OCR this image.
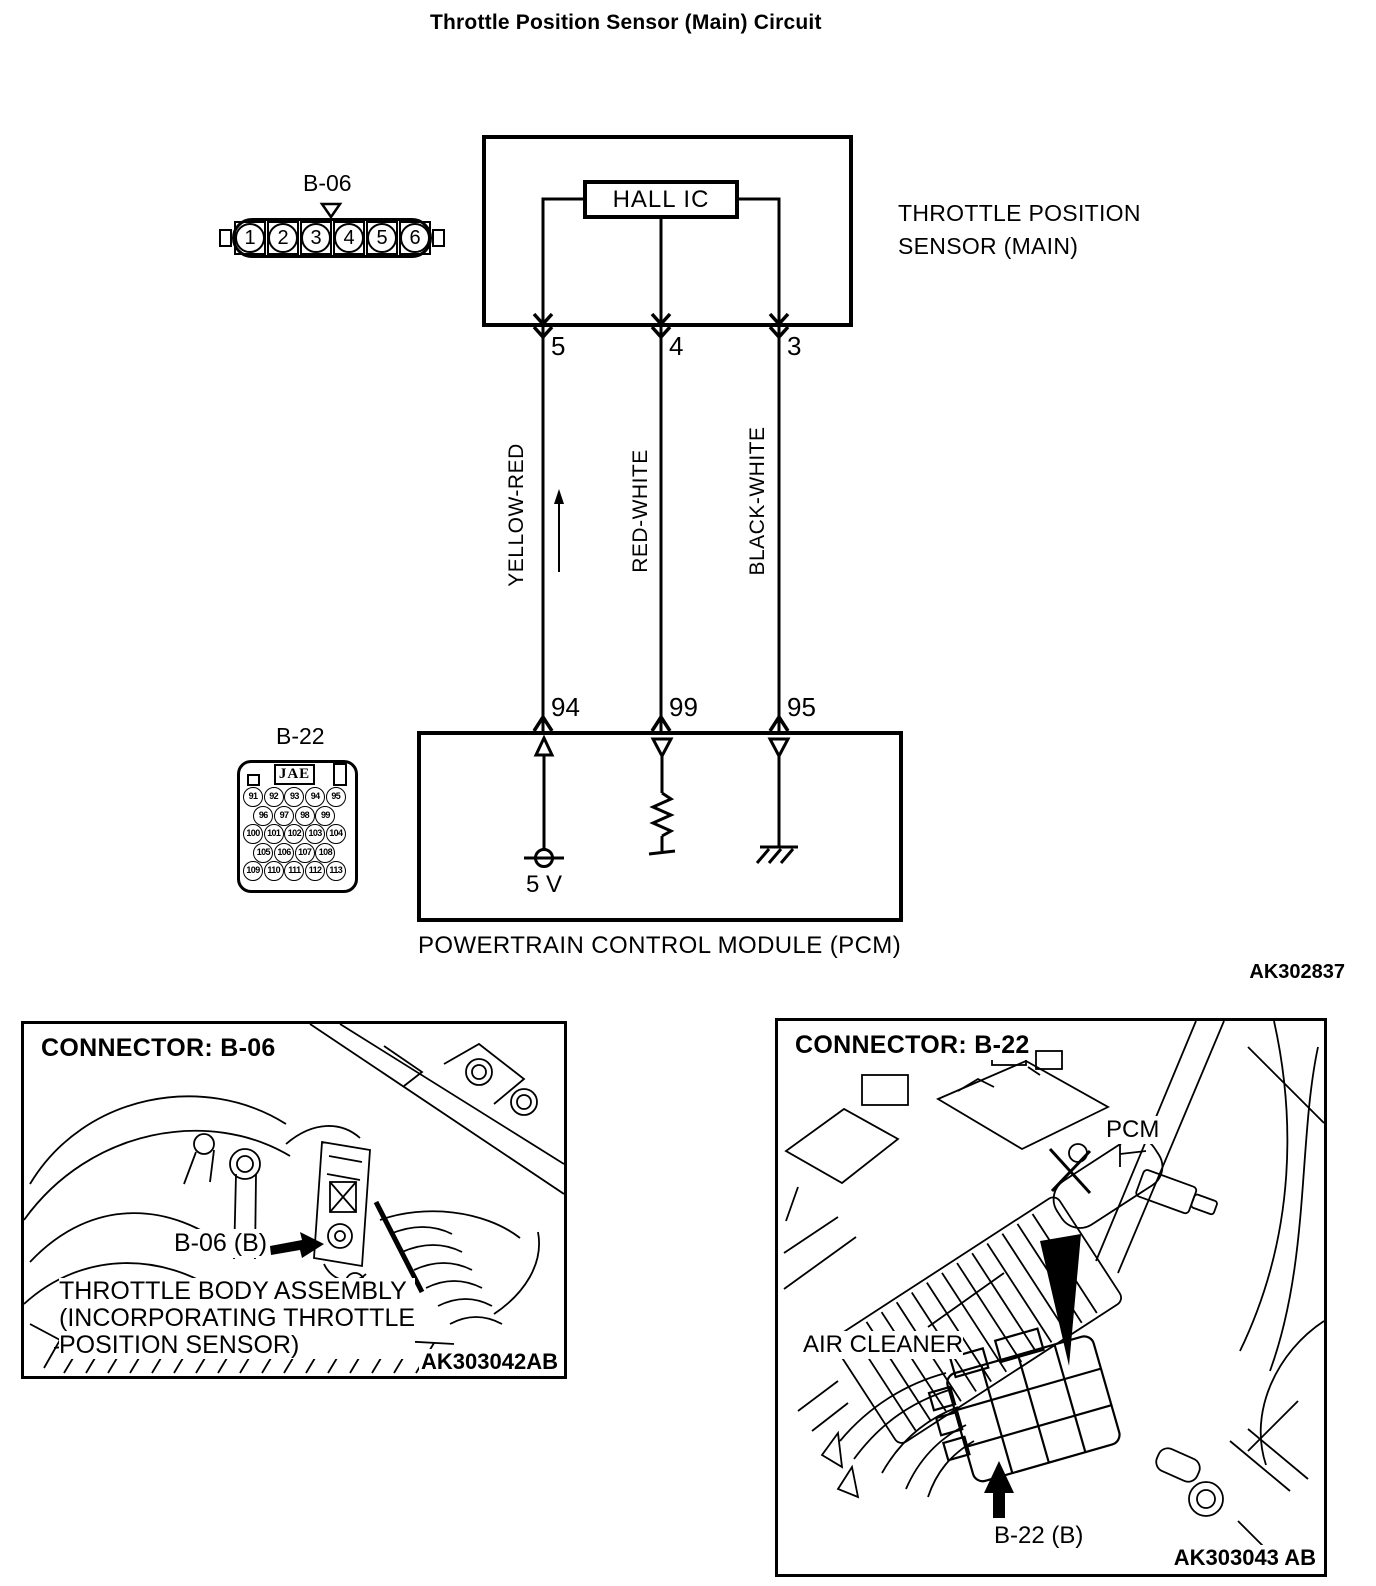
Throttle Position Sensor (Main) Circuit
HALL IC	THROTTLE POSITION
SENSOR (MAIN)
5	4	3
YELLOW-RED	RED-WHITE	BLACK-WHITE
94	99	95
5 V
POWERTRAIN CONTROL MODULE (PCM)
AK302837
B-06
1	2	3	4	5	6
B-22
JAE
91	92	93	94	95
96	97	98	99
100 101 102 103 104
105 106 107 108
109 110 111 112 113
CONNECTOR: B-06
B-06 (B)
THROTTLE BODY ASSEMBLY
(INCORPORATING THROTTLE
POSITION SENSOR)
AK303042AB
CONNECTOR: B-22
PCM
AIR CLEANER
B-22 (B)
AK303043 AB
